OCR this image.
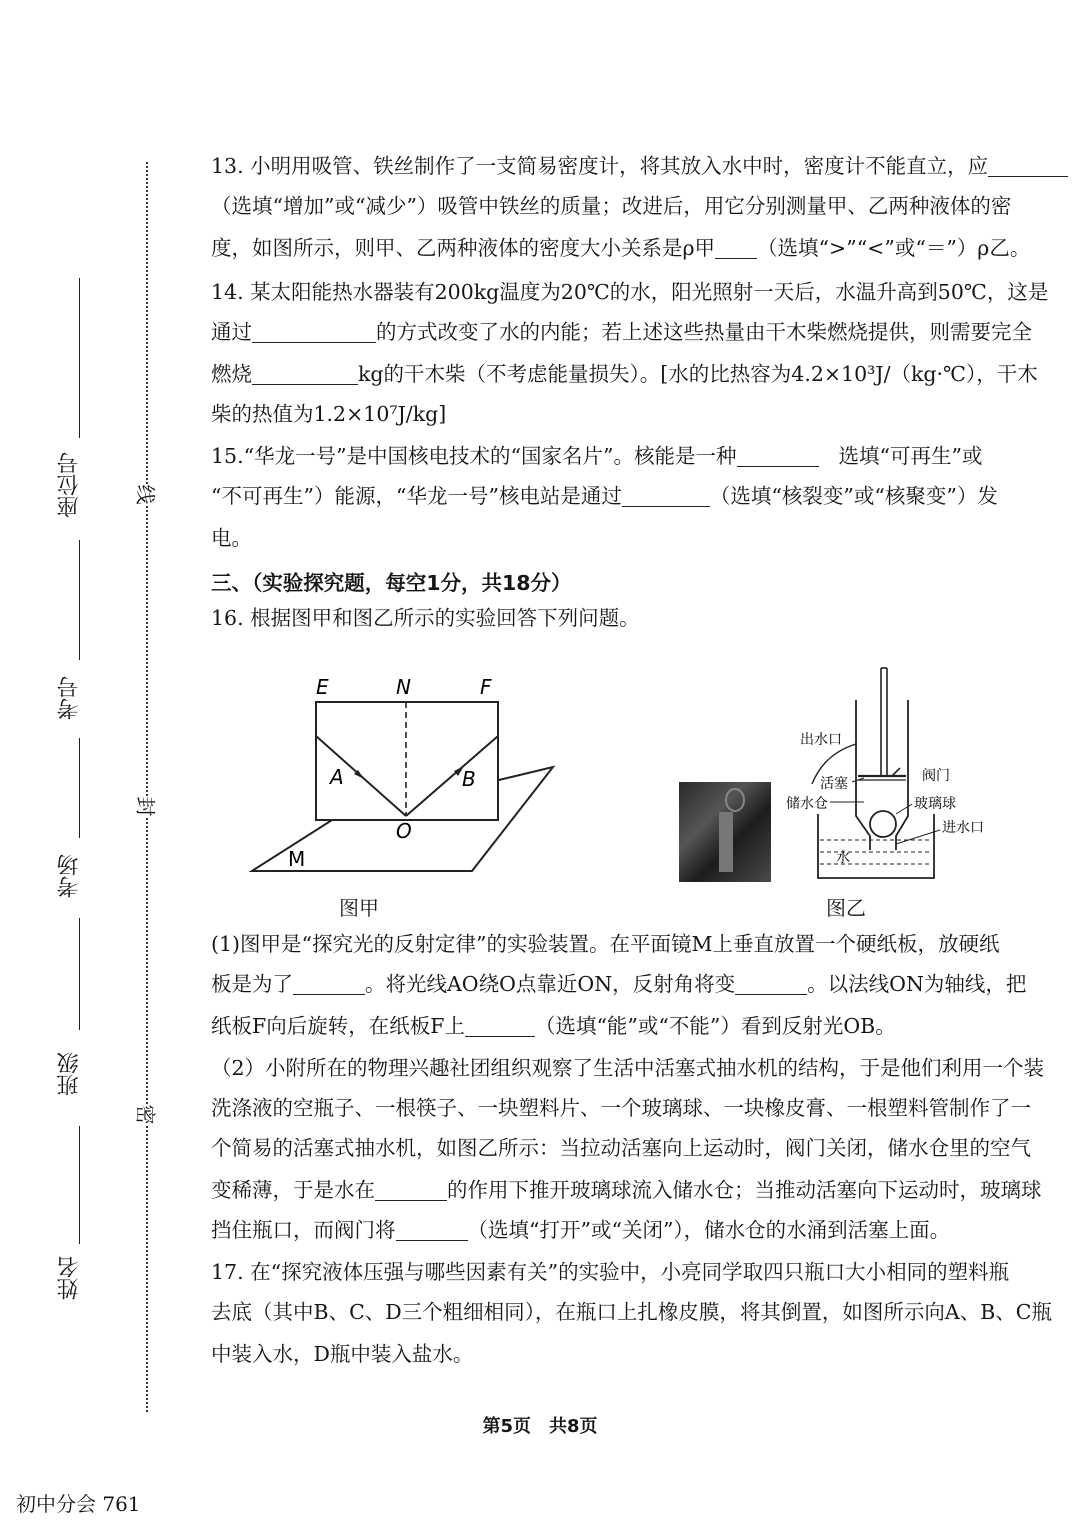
座位号
考号
考场
班级
姓名
线
封
密
13. 小明用吸管、铁丝制作了一支简易密度计，将其放入水中时，密度计不能直立，应
（选填“增加”或“减少”）吸管中铁丝的质量；改进后，用它分别测量甲、乙两种液体的密
度，如图所示，则甲、乙两种液体的密度大小关系是ρ甲 （选填“>”“<”或“＝”）ρ乙。
14. 某太阳能热水器装有200kg温度为20℃的水，阳光照射一天后，水温升高到50℃，这是
通过	的方式改变了水的内能；若上述这些热量由干木柴燃烧提供，则需要完全
燃烧	kg的干木柴（不考虑能量损失）。[水的比热容为4.2×10³J/（kg·℃），干木
柴的热值为1.2×10⁷J/kg]
15.“华龙一号”是中国核电技术的“国家名片”。核能是一种	选填“可再生”或
“不可再生”）能源，“华龙一号”核电站是通过	（选填“核裂变”或“核聚变”）发
电。
三、（实验探究题，每空1分，共18分）
16. 根据图甲和图乙所示的实验回答下列问题。
E	N	F
A	B
O
M
图甲
出水口
活塞	阀门
储水仓	玻璃球
进水口
水
图乙
(1)图甲是“探究光的反射定律”的实验装置。在平面镜M上垂直放置一个硬纸板，放硬纸
板是为了	。将光线AO绕O点靠近ON，反射角将变	。以法线ON为轴线，把
纸板F向后旋转，在纸板F上	（选填“能”或“不能”）看到反射光OB。
（2）小附所在的物理兴趣社团组织观察了生活中活塞式抽水机的结构，于是他们利用一个装
洗涤液的空瓶子、一根筷子、一块塑料片、一个玻璃球、一块橡皮膏、一根塑料管制作了一
个简易的活塞式抽水机，如图乙所示：当拉动活塞向上运动时，阀门关闭，储水仓里的空气
变稀薄，于是水在	的作用下推开玻璃球流入储水仓；当推动活塞向下运动时，玻璃球
挡住瓶口，而阀门将	（选填“打开”或“关闭”），储水仓的水涌到活塞上面。
17. 在“探究液体压强与哪些因素有关”的实验中，小亮同学取四只瓶口大小相同的塑料瓶
去底（其中B、C、D三个粗细相同），在瓶口上扎橡皮膜，将其倒置，如图所示向A、B、C瓶
中装入水，D瓶中装入盐水。
第5页　共8页
初中分会 761
